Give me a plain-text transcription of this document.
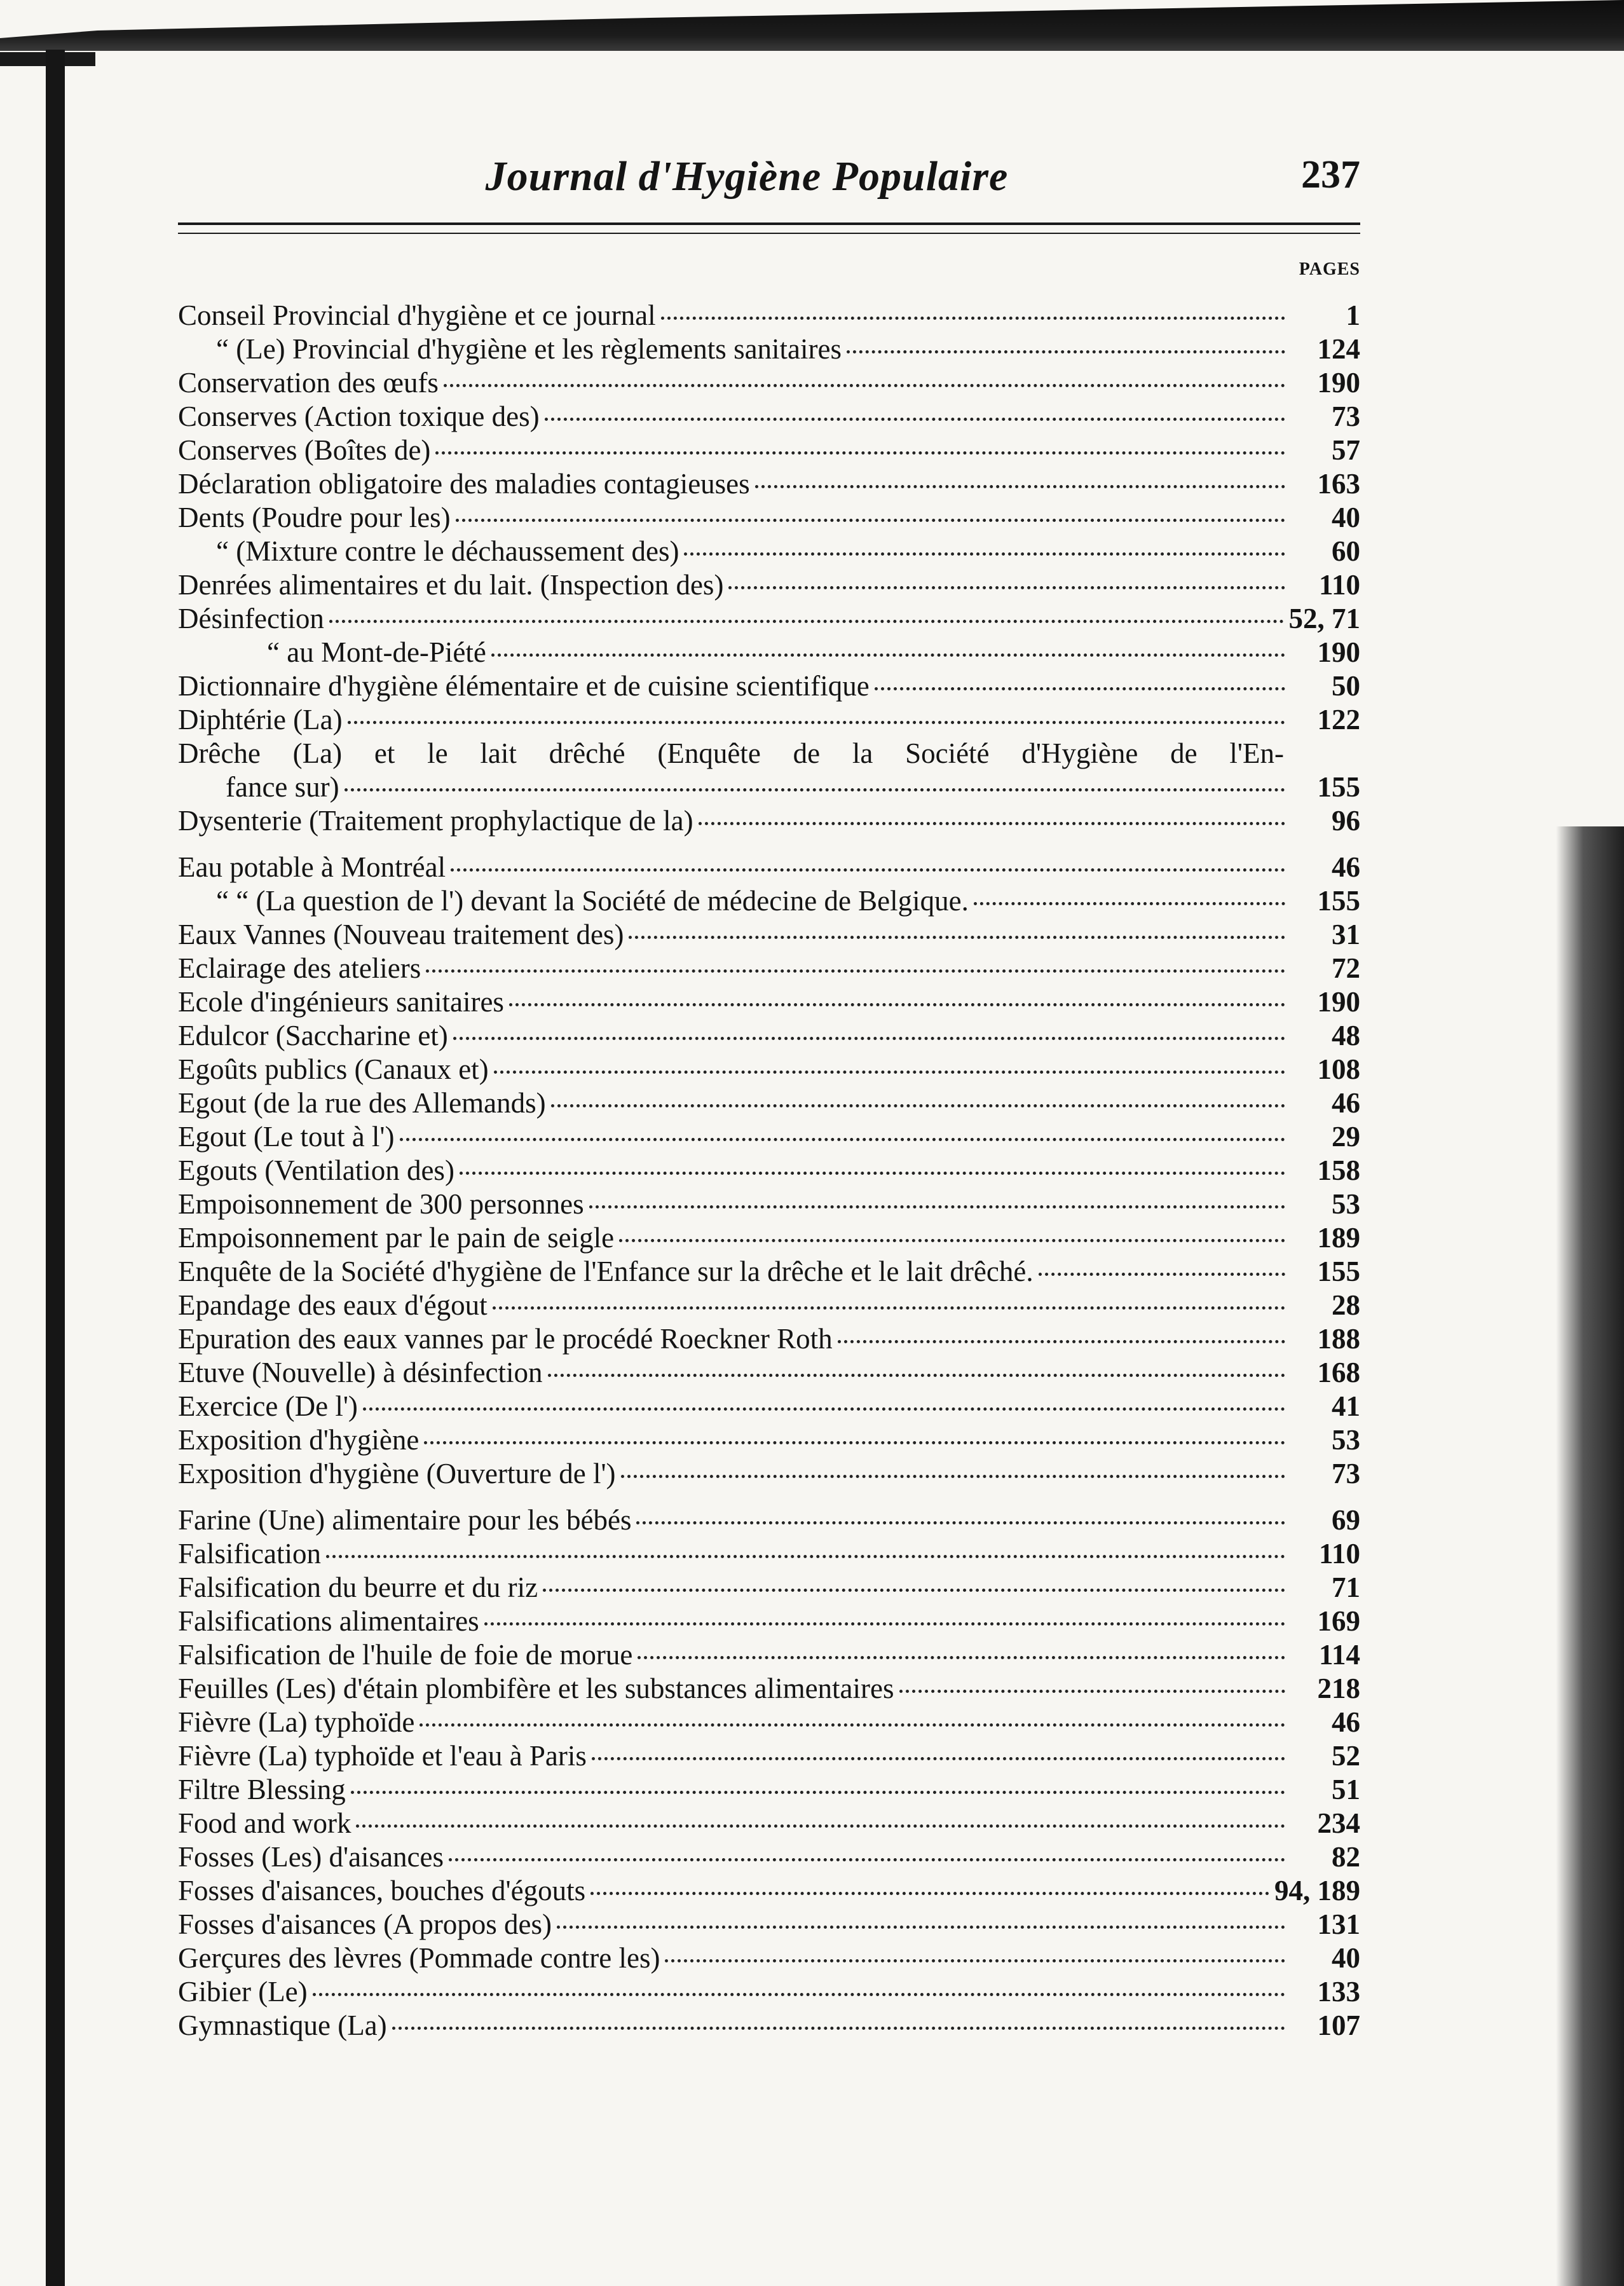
Journal d'Hygiène Populaire	237
PAGES
Conseil Provincial d'hygiène et ce journal	1
“ (Le) Provincial d'hygiène et les règlements sanitaires	124
Conservation des œufs	190
Conserves (Action toxique des)	73
Conserves (Boîtes de)	57
Déclaration obligatoire des maladies contagieuses	163
Dents (Poudre pour les)	40
“ (Mixture contre le déchaussement des)	60
Denrées alimentaires et du lait. (Inspection des)	110
Désinfection	52, 71
“ au Mont-de-Piété	190
Dictionnaire d'hygiène élémentaire et de cuisine scientifique	50
Diphtérie (La)	122
Drêche (La) et le lait drêché (Enquête de la Société d'Hygiène de l'En-
fance sur)	155
Dysenterie (Traitement prophylactique de la)	96
Eau potable à Montréal	46
“ “ (La question de l') devant la Société de médecine de Belgique.	155
Eaux Vannes (Nouveau traitement des)	31
Eclairage des ateliers	72
Ecole d'ingénieurs sanitaires	190
Edulcor (Saccharine et)	48
Egoûts publics (Canaux et)	108
Egout (de la rue des Allemands)	46
Egout (Le tout à l')	29
Egouts (Ventilation des)	158
Empoisonnement de 300 personnes	53
Empoisonnement par le pain de seigle	189
Enquête de la Société d'hygiène de l'Enfance sur la drêche et le lait drêché.	155
Epandage des eaux d'égout	28
Epuration des eaux vannes par le procédé Roeckner Roth	188
Etuve (Nouvelle) à désinfection	168
Exercice (De l')	41
Exposition d'hygiène	53
Exposition d'hygiène (Ouverture de l')	73
Farine (Une) alimentaire pour les bébés	69
Falsification	110
Falsification du beurre et du riz	71
Falsifications alimentaires	169
Falsification de l'huile de foie de morue	114
Feuilles (Les) d'étain plombifère et les substances alimentaires	218
Fièvre (La) typhoïde	46
Fièvre (La) typhoïde et l'eau à Paris	52
Filtre Blessing	51
Food and work	234
Fosses (Les) d'aisances	82
Fosses d'aisances, bouches d'égouts	94, 189
Fosses d'aisances (A propos des)	131
Gerçures des lèvres (Pommade contre les)	40
Gibier (Le)	133
Gymnastique (La)	107
